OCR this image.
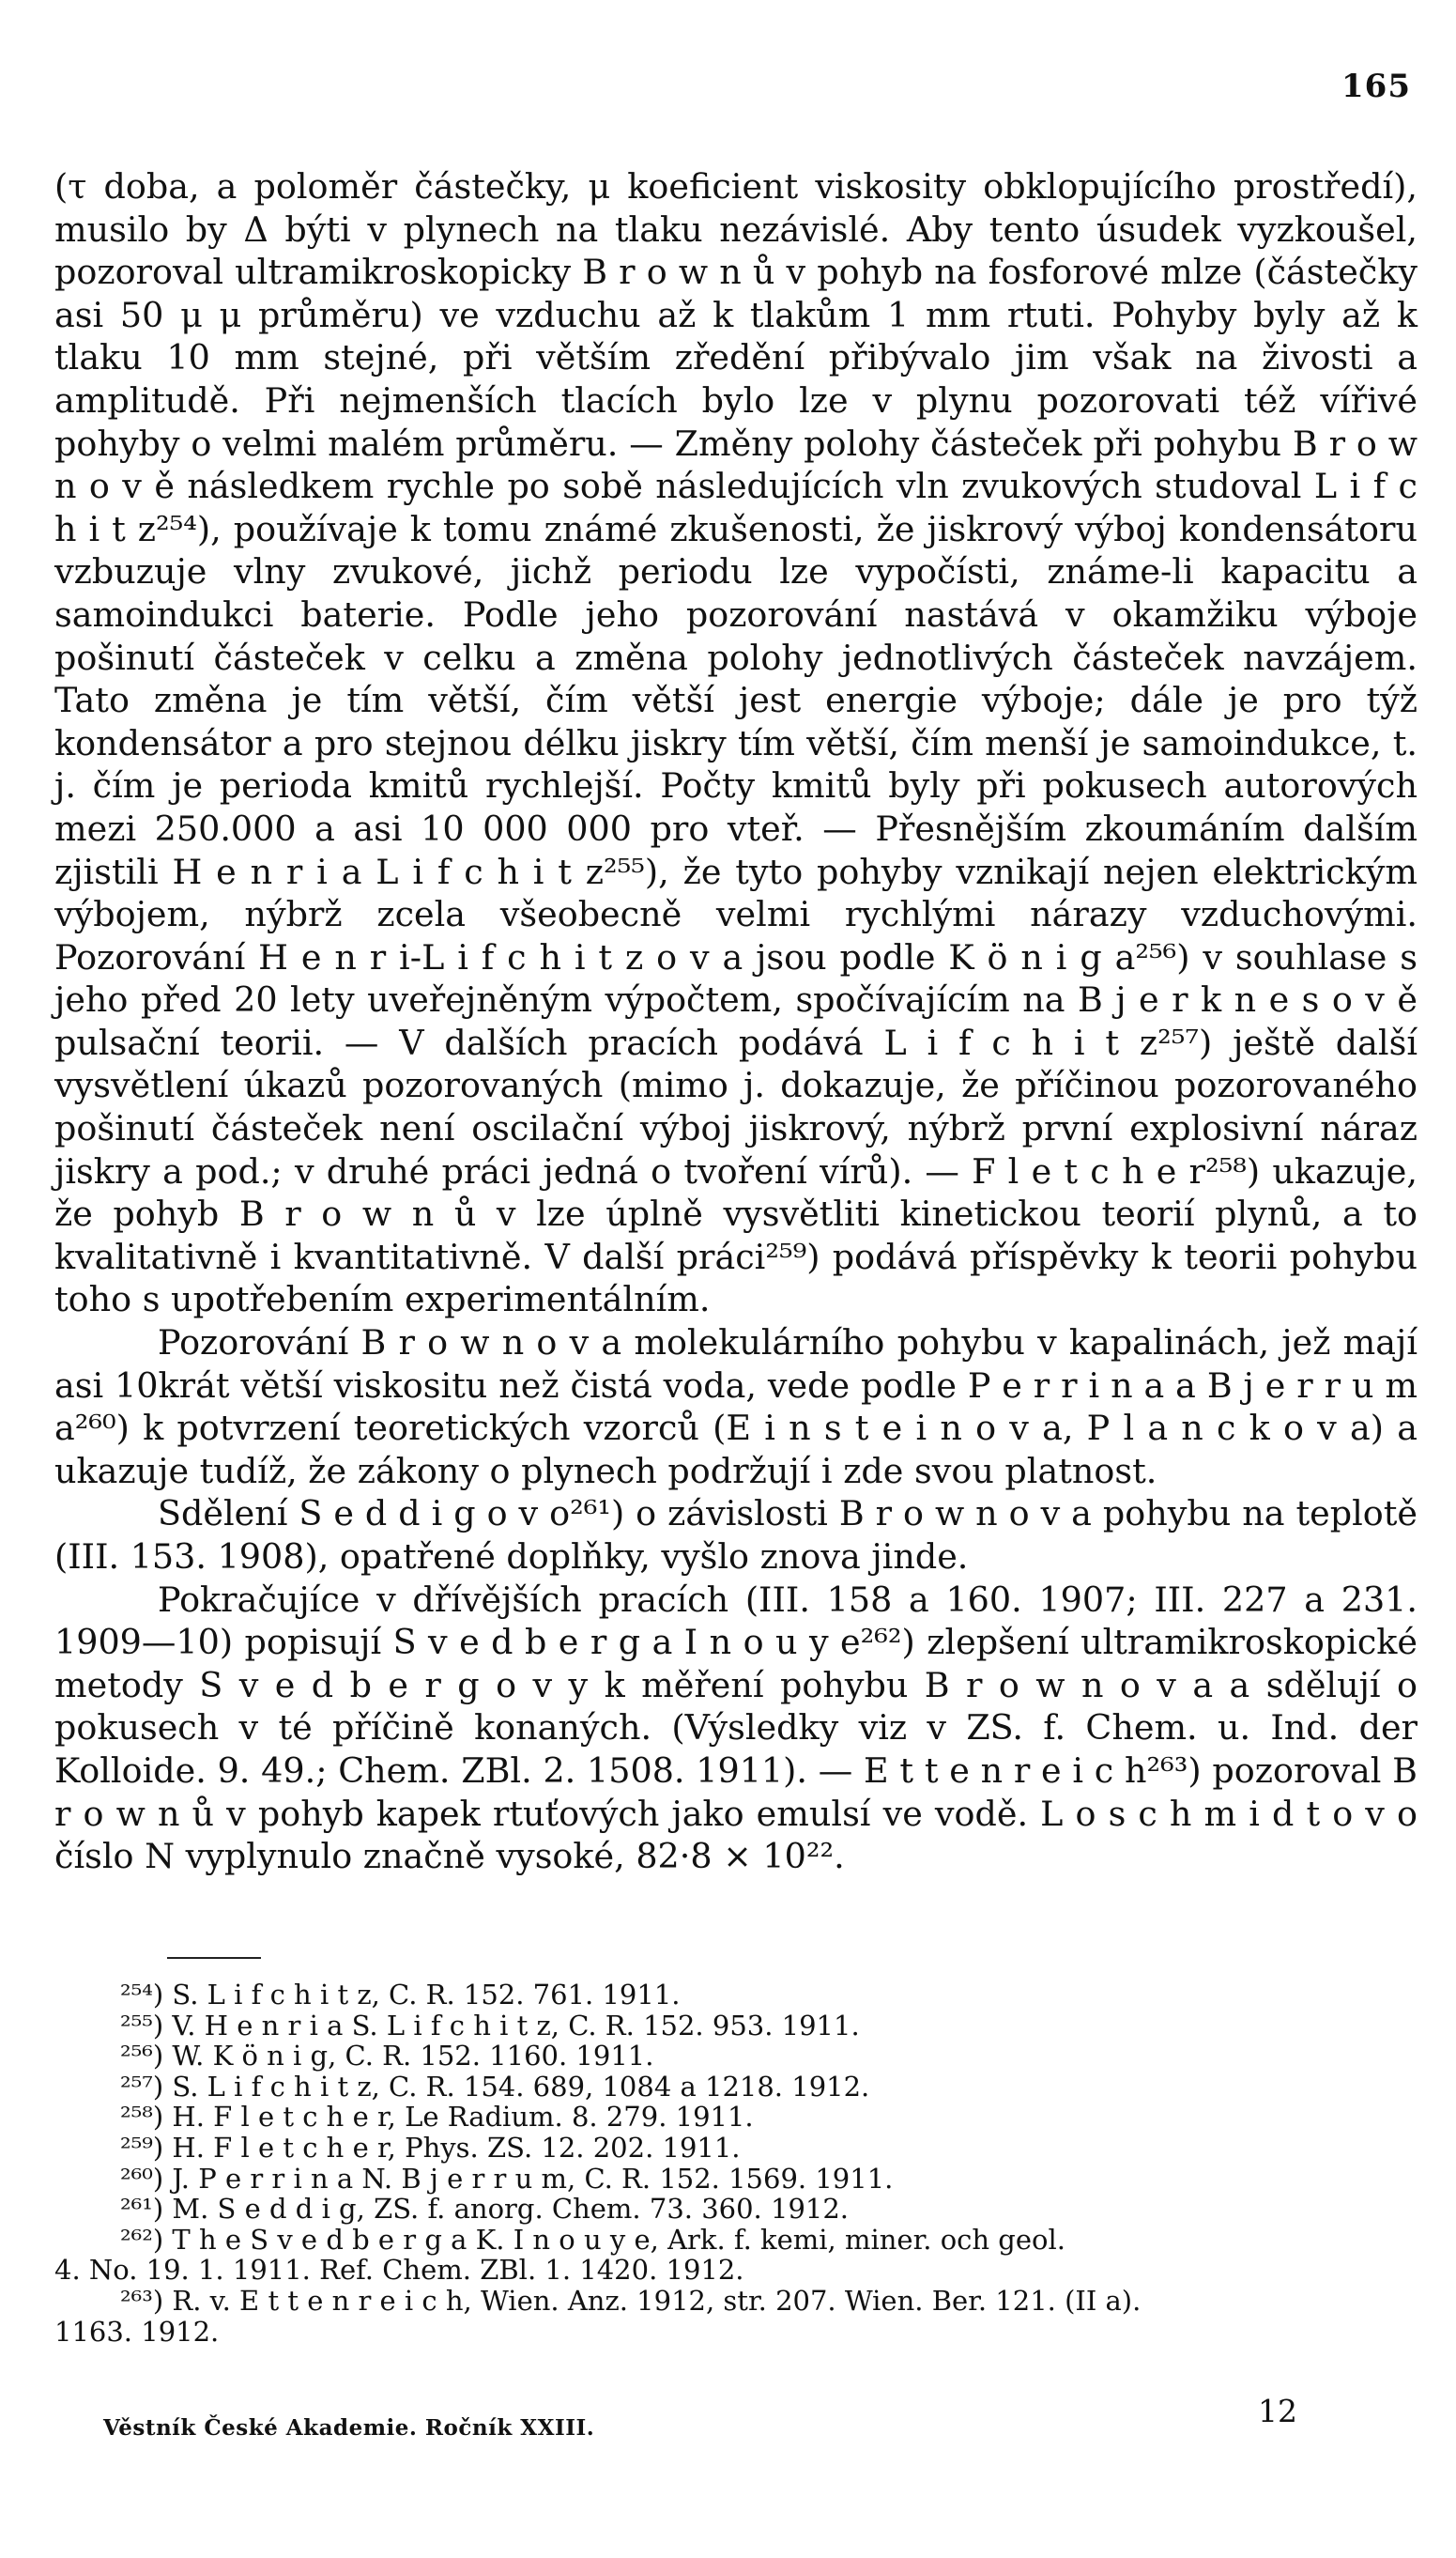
165

(τ doba, a poloměr částečky, μ koeficient viskosity obklopujícího prostředí), musilo by Δ býti v plynech na tlaku nezávislé. Aby tento úsudek vyzkoušel, pozoroval ultramikroskopicky B r o w n ů v pohyb na fosforové mlze (částečky asi 50 μ μ průměru) ve vzduchu až k tlakům 1 mm rtuti. Pohyby byly až k tlaku 10 mm stejné, při větším zředění přibývalo jim však na živosti a amplitudě. Při nejmenších tlacích bylo lze v plynu pozorovati též vířivé pohyby o velmi malém průměru. — Změny polohy částeček při pohybu B r o w n o v ě následkem rychle po sobě následujících vln zvukových studoval L i f c h i t z²⁵⁴), používaje k tomu známé zkušenosti, že jiskrový výboj kondensátoru vzbuzuje vlny zvukové, jichž periodu lze vypočísti, známe-li kapacitu a samoindukci baterie. Podle jeho pozorování nastává v okamžiku výboje pošinutí částeček v celku a změna polohy jednotlivých částeček navzájem. Tato změna je tím větší, čím větší jest energie výboje; dále je pro týž kondensátor a pro stejnou délku jiskry tím větší, čím menší je samoindukce, t. j. čím je perioda kmitů rychlejší. Počty kmitů byly při pokusech autorových mezi 250.000 a asi 10 000 000 pro vteř. — Přesnějším zkoumáním dalším zjistili H e n r i a L i f c h i t z²⁵⁵), že tyto pohyby vznikají nejen elektrickým výbojem, nýbrž zcela všeobecně velmi rychlými nárazy vzduchovými. Pozorování H e n r i-L i f c h i t z o v a jsou podle K ö n i g a²⁵⁶) v souhlase s jeho před 20 lety uveřejněným výpočtem, spočívajícím na B j e r k n e s o v ě pulsační teorii. — V dalších pracích podává L i f c h i t z²⁵⁷) ještě další vysvětlení úkazů pozorovaných (mimo j. dokazuje, že příčinou pozorovaného pošinutí částeček není oscilační výboj jiskrový, nýbrž první explosivní náraz jiskry a pod.; v druhé práci jedná o tvoření vírů). — F l e t c h e r²⁵⁸) ukazuje, že pohyb B r o w n ů v lze úplně vysvětliti kinetickou teorií plynů, a to kvalitativně i kvantitativně. V další práci²⁵⁹) podává příspěvky k teorii pohybu toho s upotřebením experimentálním.

Pozorování B r o w n o v a molekulárního pohybu v kapalinách, jež mají asi 10krát větší viskositu než čistá voda, vede podle P e r r i n a a B j e r r u m a²⁶⁰) k potvrzení teoretických vzorců (E i n s t e i n o v a, P l a n c k o v a) a ukazuje tudíž, že zákony o plynech podržují i zde svou platnost.

Sdělení S e d d i g o v o²⁶¹) o závislosti B r o w n o v a pohybu na teplotě (III. 153. 1908), opatřené doplňky, vyšlo znova jinde.

Pokračujíce v dřívějších pracích (III. 158 a 160. 1907; III. 227 a 231. 1909—10) popisují S v e d b e r g a I n o u y e²⁶²) zlepšení ultramikroskopické metody S v e d b e r g o v y k měření pohybu B r o w n o v a a sdělují o pokusech v té příčině konaných. (Výsledky viz v ZS. f. Chem. u. Ind. der Kolloide. 9. 49.; Chem. ZBl. 2. 1508. 1911). — E t t e n r e i c h²⁶³) pozoroval B r o w n ů v pohyb kapek rtuťových jako emulsí ve vodě. L o s c h m i d t o v o číslo N vyplynulo značně vysoké, 82·8 × 10²².

²⁵⁴) S. L i f c h i t z, C. R. 152. 761. 1911.

²⁵⁵) V. H e n r i a S. L i f c h i t z, C. R. 152. 953. 1911.

²⁵⁶) W. K ö n i g, C. R. 152. 1160. 1911.

²⁵⁷) S. L i f c h i t z, C. R. 154. 689, 1084 a 1218. 1912.

²⁵⁸) H. F l e t c h e r, Le Radium. 8. 279. 1911.

²⁵⁹) H. F l e t c h e r, Phys. ZS. 12. 202. 1911.

²⁶⁰) J. P e r r i n a N. B j e r r u m, C. R. 152. 1569. 1911.

²⁶¹) M. S e d d i g, ZS. f. anorg. Chem. 73. 360. 1912.

²⁶²) T h e S v e d b e r g a K. I n o u y e, Ark. f. kemi, miner. och geol.

4. No. 19. 1. 1911. Ref. Chem. ZBl. 1. 1420. 1912.

²⁶³) R. v. E t t e n r e i c h, Wien. Anz. 1912, str. 207. Wien. Ber. 121. (II a).

1163. 1912.

Věstník České Akademie. Ročník XXIII.	12
